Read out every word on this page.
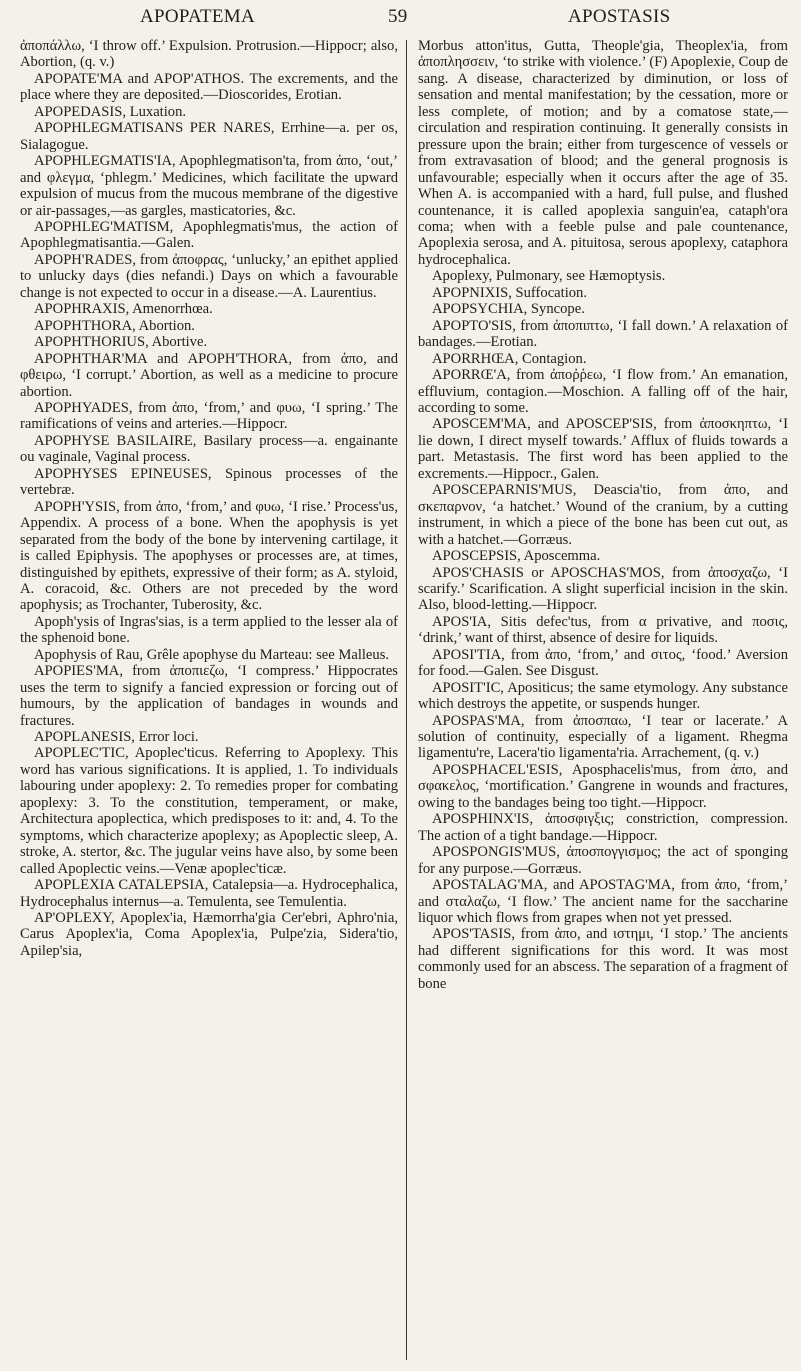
APOPATEMA	59	APOSTASIS

ἀποπάλλω, ‘I throw off.’ Expulsion. Protrusion.—Hippocr; also, Abortion, (q. v.)

APOPATE'MA and APOP'ATHOS. The excrements, and the place where they are deposited.—Dioscorides, Erotian.

APOPEDASIS, Luxation.

APOPHLEGMATISANS PER NARES, Errhine—a. per os, Sialagogue.

APOPHLEGMATIS'IA, Apophlegmatison'ta, from ἀπο, ‘out,’ and φλεγμα, ‘phlegm.’ Medicines, which facilitate the upward expulsion of mucus from the mucous membrane of the digestive or air-passages,—as gargles, masticatories, &c.

APOPHLEG'MATISM, Apophlegmatis'mus, the action of Apophlegmatisantia.—Galen.

APOPH'RADES, from ἀποφρας, ‘unlucky,’ an epithet applied to unlucky days (dies nefandi.) Days on which a favourable change is not expected to occur in a disease.—A. Laurentius.

APOPHRAXIS, Amenorrhœa.

APOPHTHORA, Abortion.

APOPHTHORIUS, Abortive.

APOPHTHAR'MA and APOPH'THORA, from ἀπο, and φθειρω, ‘I corrupt.’ Abortion, as well as a medicine to procure abortion.

APOPHYADES, from ἀπο, ‘from,’ and φυω, ‘I spring.’ The ramifications of veins and arteries.—Hippocr.

APOPHYSE BASILAIRE, Basilary process—a. engainante ou vaginale, Vaginal process.

APOPHYSES EPINEUSES, Spinous processes of the vertebræ.

APOPH'YSIS, from ἀπο, ‘from,’ and φυω, ‘I rise.’ Process'us, Appendix. A process of a bone. When the apophysis is yet separated from the body of the bone by intervening cartilage, it is called Epiphysis. The apophyses or processes are, at times, distinguished by epithets, expressive of their form; as A. styloid, A. coracoid, &c. Others are not preceded by the word apophysis; as Trochanter, Tuberosity, &c.

Apoph'ysis of Ingras'sias, is a term applied to the lesser ala of the sphenoid bone.

Apophysis of Rau, Grêle apophyse du Marteau: see Malleus.

APOPIES'MA, from ἀποπιεζω, ‘I compress.’ Hippocrates uses the term to signify a fancied expression or forcing out of humours, by the application of bandages in wounds and fractures.

APOPLANESIS, Error loci.

APOPLEC'TIC, Apoplec'ticus. Referring to Apoplexy. This word has various significations. It is applied, 1. To individuals labouring under apoplexy: 2. To remedies proper for combating apoplexy: 3. To the constitution, temperament, or make, Architectura apoplectica, which predisposes to it: and, 4. To the symptoms, which characterize apoplexy; as Apoplectic sleep, A. stroke, A. stertor, &c. The jugular veins have also, by some been called Apoplectic veins.—Venæ apoplec'ticæ.

APOPLEXIA CATALEPSIA, Catalepsia—a. Hydrocephalica, Hydrocephalus internus—a. Temulenta, see Temulentia.

AP'OPLEXY, Apoplex'ia, Hæmorrha'gia Cer'ebri, Aphro'nia, Carus Apoplex'ia, Coma Apoplex'ia, Pulpe'zia, Sidera'tio, Apilep'sia,

Morbus atton'itus, Gutta, Theople'gia, Theoplex'ia, from ἀποπλησσειν, ‘to strike with violence.’ (F) Apoplexie, Coup de sang. A disease, characterized by diminution, or loss of sensation and mental manifestation; by the cessation, more or less complete, of motion; and by a comatose state,—circulation and respiration continuing. It generally consists in pressure upon the brain; either from turgescence of vessels or from extravasation of blood; and the general prognosis is unfavourable; especially when it occurs after the age of 35. When A. is accompanied with a hard, full pulse, and flushed countenance, it is called apoplexia sanguin'ea, cataph'ora coma; when with a feeble pulse and pale countenance, Apoplexia serosa, and A. pituitosa, serous apoplexy, cataphora hydrocephalica.

Apoplexy, Pulmonary, see Hæmoptysis.

APOPNIXIS, Suffocation.

APOPSYCHIA, Syncope.

APOPTO'SIS, from ἀποπιπτω, ‘I fall down.’ A relaxation of bandages.—Erotian.

APORRHŒA, Contagion.

APORRŒ'A, from ἀποῤῥεω, ‘I flow from.’ An emanation, effluvium, contagion.—Moschion. A falling off of the hair, according to some.

APOSCEM'MA, and APOSCEP'SIS, from ἀποσκηπτω, ‘I lie down, I direct myself towards.’ Afflux of fluids towards a part. Metastasis. The first word has been applied to the excrements.—Hippocr., Galen.

APOSCEPARNIS'MUS, Deascia'tio, from ἀπο, and σκεπαρνον, ‘a hatchet.’ Wound of the cranium, by a cutting instrument, in which a piece of the bone has been cut out, as with a hatchet.—Gorræus.

APOSCEPSIS, Aposcemma.

APOS'CHASIS or APOSCHAS'MOS, from ἀποσχαζω, ‘I scarify.’ Scarification. A slight superficial incision in the skin. Also, blood-letting.—Hippocr.

APOS'IA, Sitis defec'tus, from α privative, and ποσις, ‘drink,’ want of thirst, absence of desire for liquids.

APOSI'TIA, from ἀπο, ‘from,’ and σιτος, ‘food.’ Aversion for food.—Galen. See Disgust.

APOSIT'IC, Apositicus; the same etymology. Any substance which destroys the appetite, or suspends hunger.

APOSPAS'MA, from ἀποσπαω, ‘I tear or lacerate.’ A solution of continuity, especially of a ligament. Rhegma ligamentu're, Lacera'tio ligamenta'ria. Arrachement, (q. v.)

APOSPHACEL'ESIS, Aposphacelis'mus, from ἀπο, and σφακελος, ‘mortification.’ Gangrene in wounds and fractures, owing to the bandages being too tight.—Hippocr.

APOSPHINX'IS, ἀποσφιγξις; constriction, compression. The action of a tight bandage.—Hippocr.

APOSPONGIS'MUS, ἀποσπογγισμος; the act of sponging for any purpose.—Gorræus.

APOSTALAG'MA, and APOSTAG'MA, from ἀπο, ‘from,’ and σταλαζω, ‘I flow.’ The ancient name for the saccharine liquor which flows from grapes when not yet pressed.

APOS'TASIS, from ἀπο, and ιστημι, ‘I stop.’ The ancients had different significations for this word. It was most commonly used for an abscess. The separation of a fragment of bone
